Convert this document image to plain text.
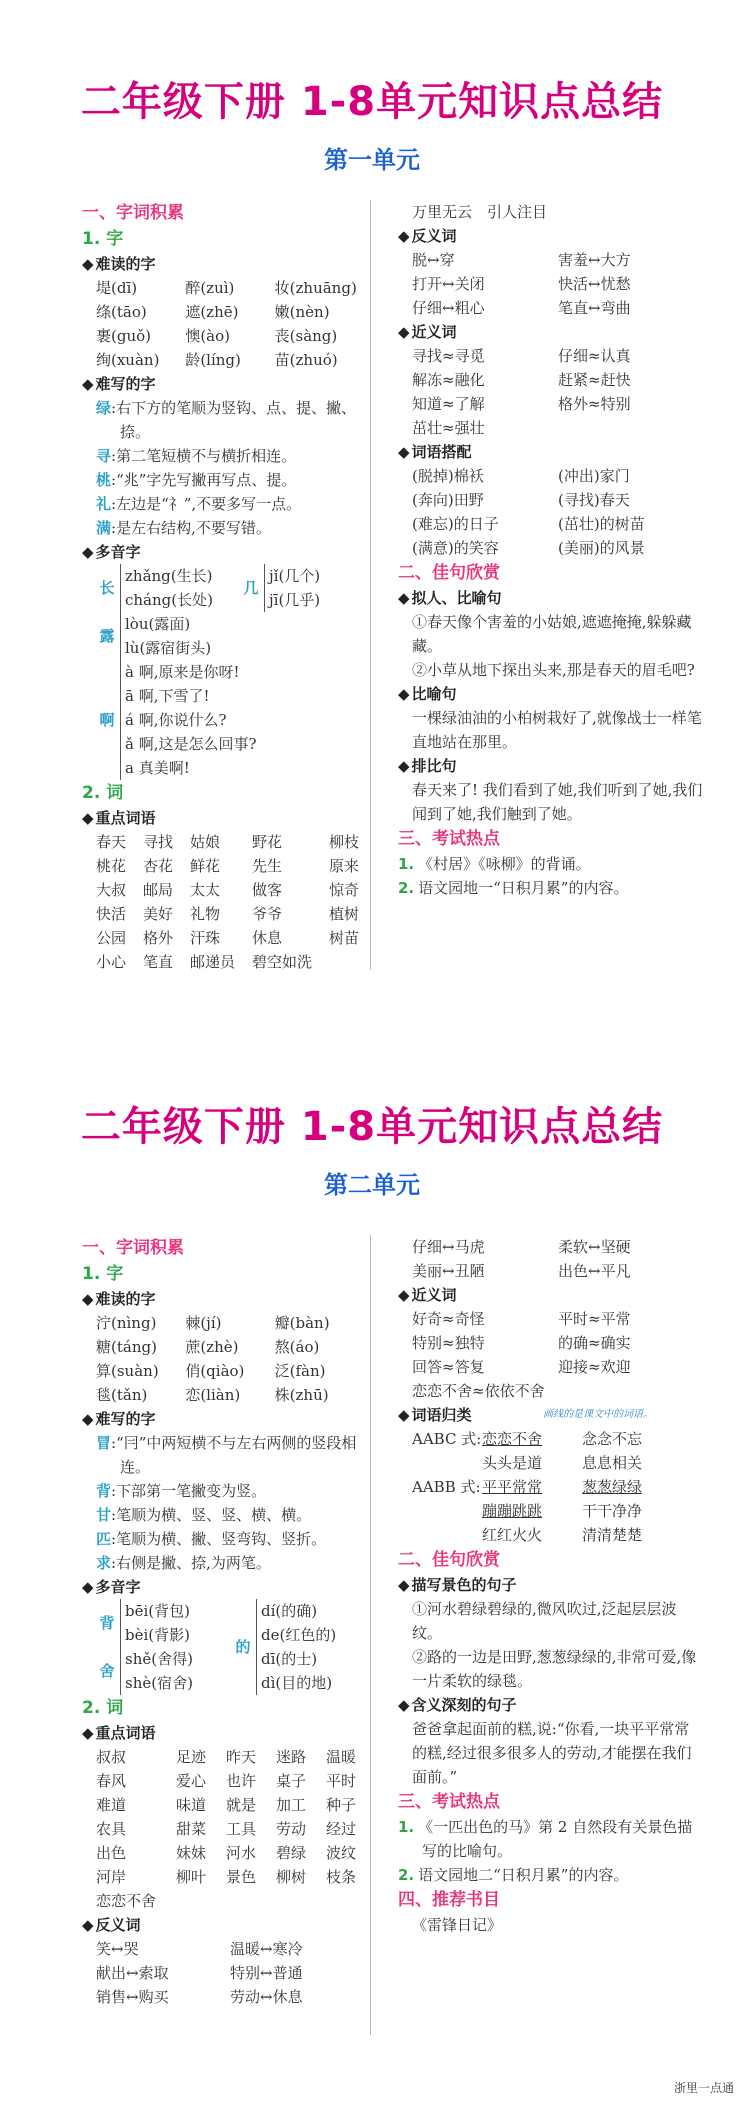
二年级下册 1-8单元知识点总结
第一单元
一、字词积累
1. 字
◆ 难读的字
堤(dī)	醉(zuì)	妆(zhuāng)
绦(tāo)	遮(zhē)	嫩(nèn)
裹(guǒ)	懊(ào)	丧(sàng)
绚(xuàn)	龄(líng)	苗(zhuó)
◆ 难写的字
绿:右下方的笔顺为竖钩、点、提、撇、捺。
寻:第二笔短横不与横折相连。
桃:“兆”字先写撇再写点、提。
礼:左边是“礻”,不要多写一点。
满:是左右结构,不要写错。
◆ 多音字
长
zhǎng(生长)
cháng(长处)
几
jǐ(几个)
jī(几乎)
露
lòu(露面)
lù(露宿街头)
啊
à 啊,原来是你呀!
ā 啊,下雪了!
á 啊,你说什么?
ǎ 啊,这是怎么回事?
a 真美啊!
2. 词
◆ 重点词语
春天	寻找	姑娘	野花	柳枝
桃花	杏花	鲜花	先生	原来
大叔	邮局	太太	做客	惊奇
快活	美好	礼物	爷爷	植树
公园	格外	汗珠	休息	树苗
小心	笔直	邮递员	碧空如洗
万里无云　引人注目
◆ 反义词
脱↔穿	害羞↔大方
打开↔关闭	快活↔忧愁
仔细↔粗心	笔直↔弯曲
◆ 近义词
寻找≈寻觅	仔细≈认真
解冻≈融化	赶紧≈赶快
知道≈了解	格外≈特别
茁壮≈强壮
◆ 词语搭配
(脱掉)棉袄	(冲出)家门
(奔向)田野	(寻找)春天
(难忘)的日子	(茁壮)的树苗
(满意)的笑容	(美丽)的风景
二、佳句欣赏
◆ 拟人、比喻句
①春天像个害羞的小姑娘,遮遮掩掩,躲躲藏藏。
②小草从地下探出头来,那是春天的眉毛吧?
◆ 比喻句
一棵绿油油的小柏树栽好了,就像战士一样笔直地站在那里。
◆ 排比句
春天来了! 我们看到了她,我们听到了她,我们闻到了她,我们触到了她。
三、考试热点
1. 《村居》《咏柳》的背诵。
2. 语文园地一“日积月累”的内容。
二年级下册 1-8单元知识点总结
第二单元
一、字词积累
1. 字
◆ 难读的字
泞(nìng)	棘(jí)	瓣(bàn)
糖(táng)	蔗(zhè)	熬(áo)
算(suàn)	俏(qiào)	泛(fàn)
毯(tǎn)	恋(liàn)	株(zhū)
◆ 难写的字
冒:“冃”中两短横不与左右两侧的竖段相连。
背:下部第一笔撇变为竖。
甘:笔顺为横、竖、竖、横、横。
匹:笔顺为横、撇、竖弯钩、竖折。
求:右侧是撇、捺,为两笔。
◆ 多音字
背
bēi(背包)
bèi(背影)
舍
shě(舍得)
shè(宿舍)
的
dí(的确)
de(红色的)
dī(的士)
dì(目的地)
2. 词
◆ 重点词语
叔叔	足迹	昨天	迷路	温暖
春风	爱心	也许	桌子	平时
难道	味道	就是	加工	种子
农具	甜菜	工具	劳动	经过
出色	妹妹	河水	碧绿	波纹
河岸	柳叶	景色	柳树	枝条
恋恋不舍
◆ 反义词
笑↔哭	温暖↔寒冷
献出↔索取	特别↔普通
销售↔购买	劳动↔休息
仔细↔马虎	柔软↔坚硬
美丽↔丑陋	出色↔平凡
◆ 近义词
好奇≈奇怪	平时≈平常
特别≈独特	的确≈确实
回答≈答复	迎接≈欢迎
恋恋不舍≈依依不舍
◆ 词语归类	画线的是课文中的词语。
AABC 式: 恋恋不舍	念念不忘
头头是道	息息相关
AABB 式: 平平常常	葱葱绿绿
蹦蹦跳跳	干干净净
红红火火	清清楚楚
二、佳句欣赏
◆ 描写景色的句子
①河水碧绿碧绿的,微风吹过,泛起层层波纹。
②路的一边是田野,葱葱绿绿的,非常可爱,像一片柔软的绿毯。
◆ 含义深刻的句子
爸爸拿起面前的糕,说:“你看,一块平平常常的糕,经过很多很多人的劳动,才能摆在我们面前。”
三、考试热点
1. 《一匹出色的马》第 2 自然段有关景色描写的比喻句。
2. 语文园地二“日积月累”的内容。
四、推荐书目
《雷锋日记》
浙里一点通
